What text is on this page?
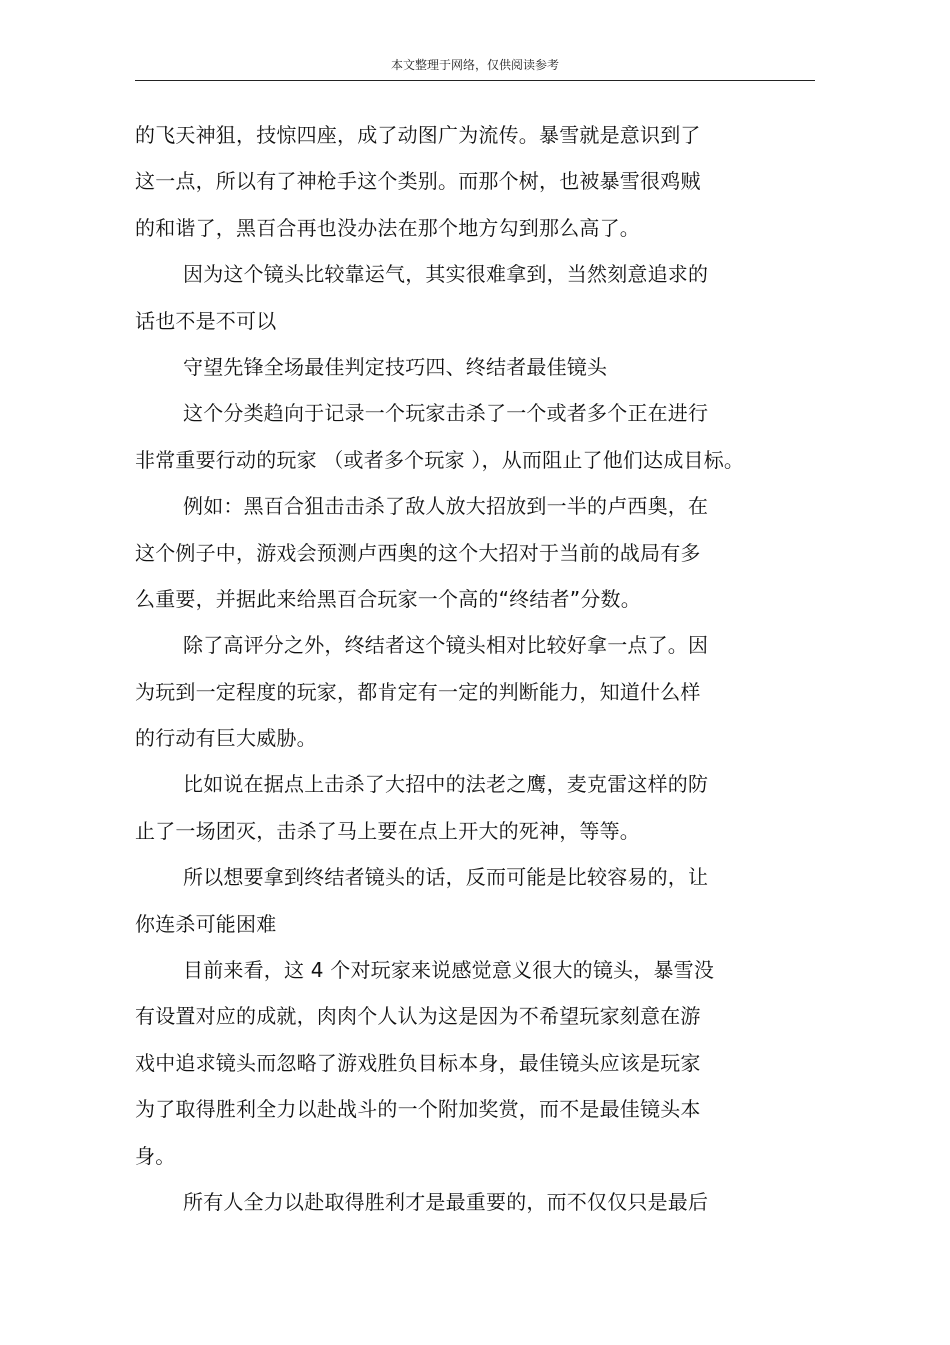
本文整理于网络，仅供阅读参考
的飞天神狙，技惊四座，成了动图广为流传。暴雪就是意识到了
这一点，所以有了神枪手这个类别。而那个树，也被暴雪很鸡贼
的和谐了，黑百合再也没办法在那个地方勾到那么高了。
因为这个镜头比较靠运气，其实很难拿到，当然刻意追求的
话也不是不可以
守望先锋全场最佳判定技巧四、终结者最佳镜头
这个分类趋向于记录一个玩家击杀了一个或者多个正在进行
非常重要行动的玩家 （或者多个玩家 ），从而阻止了他们达成目标。
例如：黑百合狙击击杀了敌人放大招放到一半的卢西奥，在
这个例子中，游戏会预测卢西奥的这个大招对于当前的战局有多
么重要，并据此来给黑百合玩家一个高的“终结者”分数。
除了高评分之外，终结者这个镜头相对比较好拿一点了。因
为玩到一定程度的玩家，都肯定有一定的判断能力，知道什么样
的行动有巨大威胁。
比如说在据点上击杀了大招中的法老之鹰，麦克雷这样的防
止了一场团灭，击杀了马上要在点上开大的死神，等等。
所以想要拿到终结者镜头的话，反而可能是比较容易的，让
你连杀可能困难
目前来看，这 4 个对玩家来说感觉意义很大的镜头，暴雪没
有设置对应的成就，肉肉个人认为这是因为不希望玩家刻意在游
戏中追求镜头而忽略了游戏胜负目标本身，最佳镜头应该是玩家
为了取得胜利全力以赴战斗的一个附加奖赏，而不是最佳镜头本
身。
所有人全力以赴取得胜利才是最重要的，而不仅仅只是最后
